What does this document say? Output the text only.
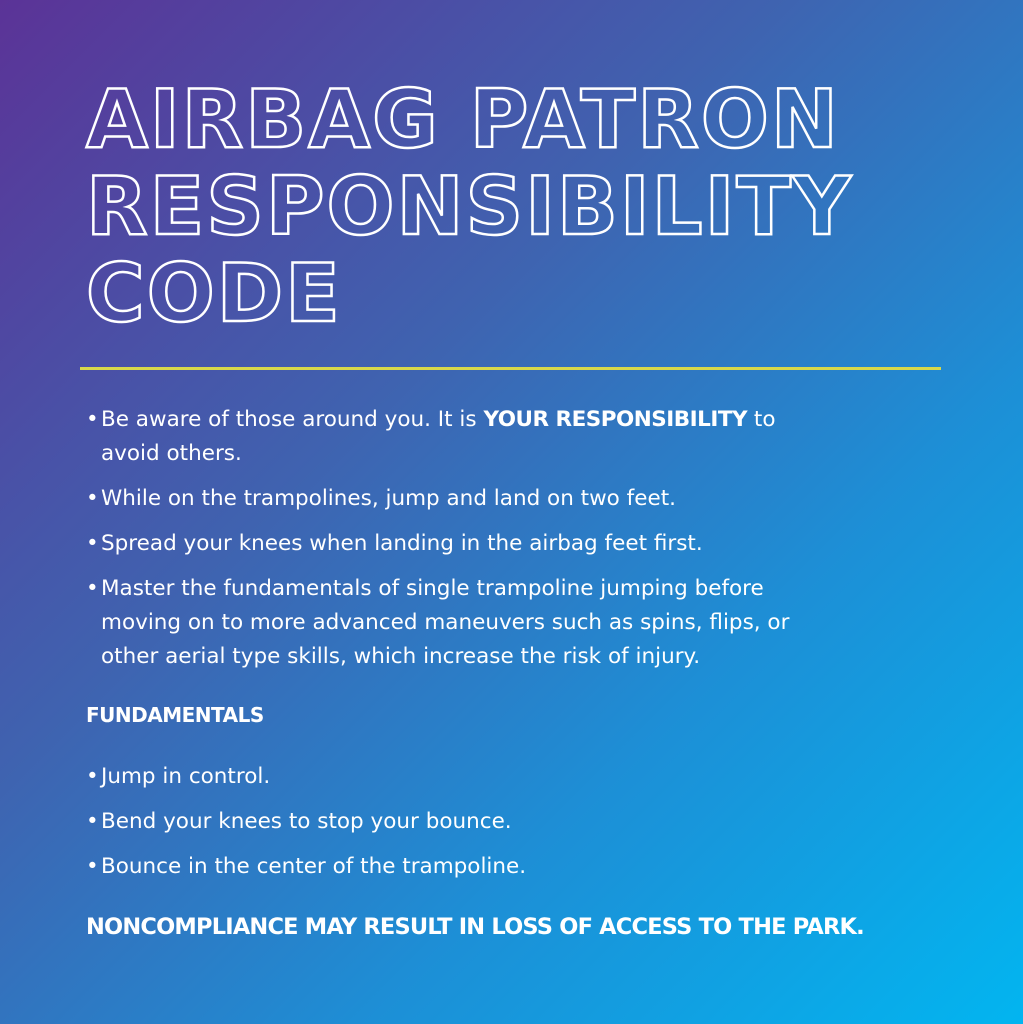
AIRBAG PATRON
RESPONSIBILITY
CODE
• Be aware of those around you. It is YOUR RESPONSIBILITY to avoid others.
• While on the trampolines, jump and land on two feet.
• Spread your knees when landing in the airbag feet first.
• Master the fundamentals of single trampoline jumping before moving on to more advanced maneuvers such as spins, flips, or other aerial type skills, which increase the risk of injury.
FUNDAMENTALS
• Jump in control.
• Bend your knees to stop your bounce.
• Bounce in the center of the trampoline.

NONCOMPLIANCE MAY RESULT IN LOSS OF ACCESS TO THE PARK.
